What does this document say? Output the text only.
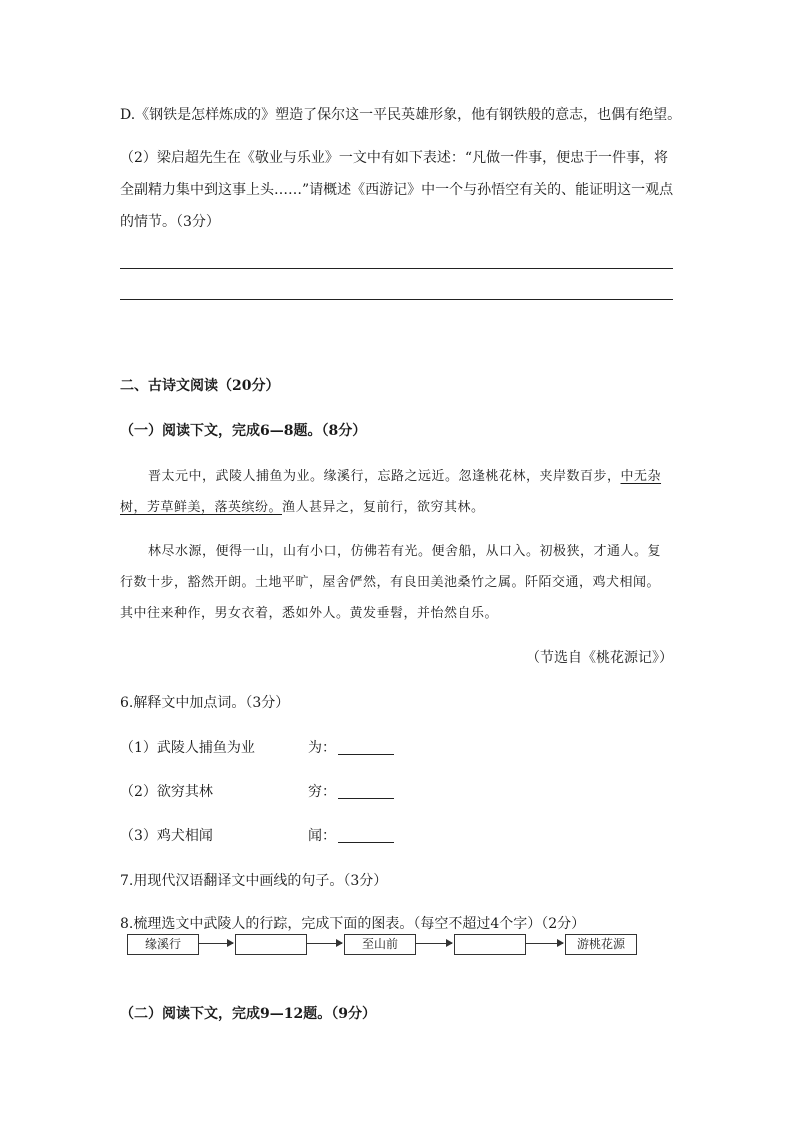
D.《钢铁是怎样炼成的》塑造了保尔这一平民英雄形象，他有钢铁般的意志，也偶有绝望。
（2）梁启超先生在《敬业与乐业》一文中有如下表述：“凡做一件事，便忠于一件事，将
全副精力集中到这事上头……”请概述《西游记》中一个与孙悟空有关的、能证明这一观点
的情节。（3分）
二、古诗文阅读（20分）
（一）阅读下文，完成6—8题。（8分）
晋太元中，武陵人捕鱼为业。缘溪行，忘路之远近。忽逢桃花林，夹岸数百步，中无杂
树，芳草鲜美，落英缤纷。渔人甚异之，复前行，欲穷其林。
林尽水源，便得一山，山有小口，仿佛若有光。便舍船，从口入。初极狭，才通人。复
行数十步，豁然开朗。土地平旷，屋舍俨然，有良田美池桑竹之属。阡陌交通，鸡犬相闻。
其中往来种作，男女衣着，悉如外人。黄发垂髫，并怡然自乐。
（节选自《桃花源记》）
6.解释文中加点词。（3分）
（1）武陵人捕鱼为业	为：
（2）欲穷其林	穷：
（3）鸡犬相闻	闻：
7.用现代汉语翻译文中画线的句子。（3分）
8.梳理选文中武陵人的行踪，完成下面的图表。（每空不超过4个字）（2分）
缘溪行	至山前	游桃花源
（二）阅读下文，完成9—12题。（9分）
